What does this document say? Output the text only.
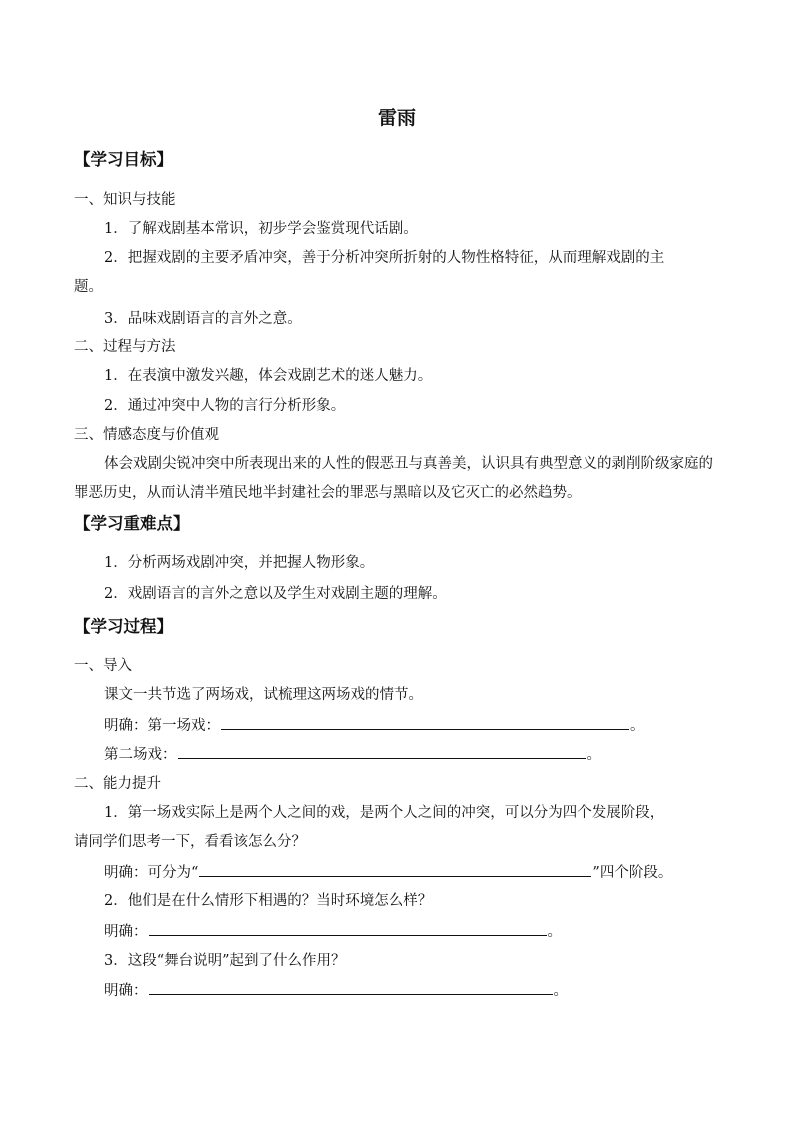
雷雨
【学习目标】
一、知识与技能
1．了解戏剧基本常识，初步学会鉴赏现代话剧。
2．把握戏剧的主要矛盾冲突，善于分析冲突所折射的人物性格特征，从而理解戏剧的主
题。
3．品味戏剧语言的言外之意。
二、过程与方法
1．在表演中激发兴趣，体会戏剧艺术的迷人魅力。
2．通过冲突中人物的言行分析形象。
三、情感态度与价值观
体会戏剧尖锐冲突中所表现出来的人性的假恶丑与真善美，认识具有典型意义的剥削阶级家庭的罪恶历史，从而认清半殖民地半封建社会的罪恶与黑暗以及它灭亡的必然趋势。
【学习重难点】
1．分析两场戏剧冲突，并把握人物形象。
2．戏剧语言的言外之意以及学生对戏剧主题的理解。
【学习过程】
一、导入
课文一共节选了两场戏，试梳理这两场戏的情节。
明确：第一场戏：	。
第二场戏：	。
二、能力提升
1．第一场戏实际上是两个人之间的戏，是两个人之间的冲突，可以分为四个发展阶段，
请同学们思考一下，看看该怎么分？
明确：可分为“	”四个阶段。
2．他们是在什么情形下相遇的？当时环境怎么样？
明确：	。
3．这段“舞台说明”起到了什么作用？
明确：	。
